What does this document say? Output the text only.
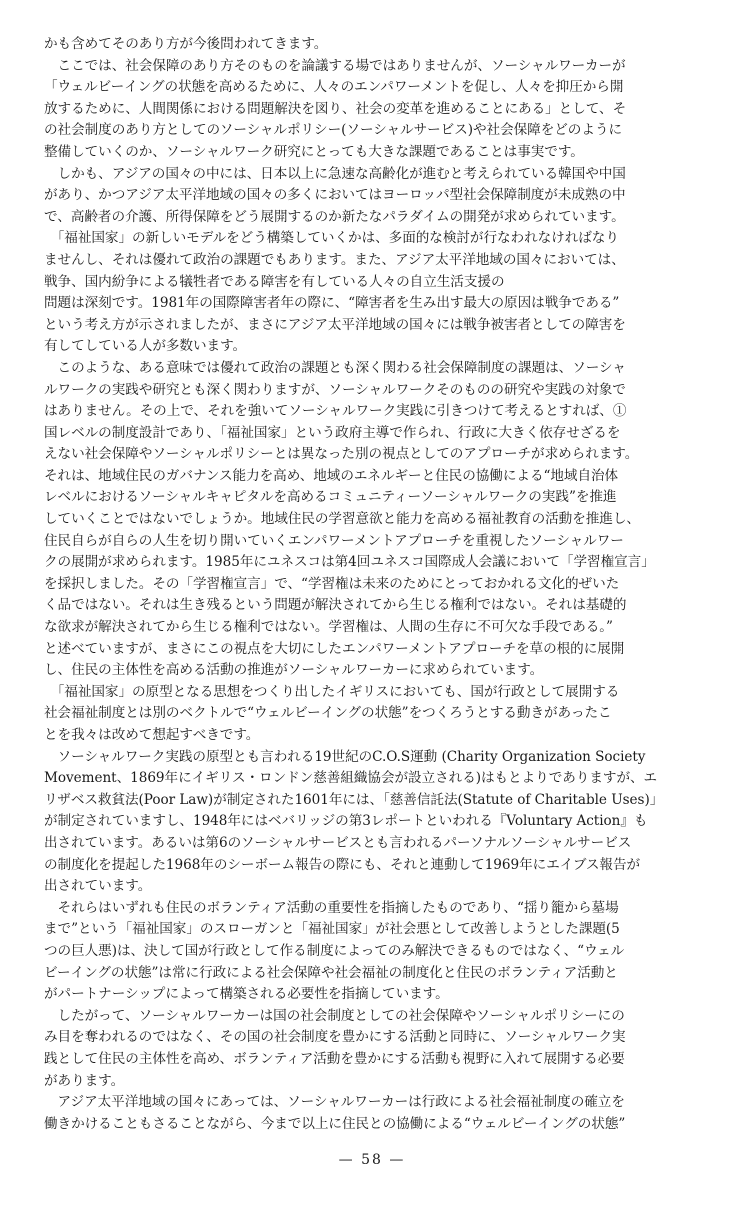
かも含めてそのあり方が今後問われてきます。
　ここでは、社会保障のあり方そのものを論議する場ではありませんが、ソーシャルワーカーが
「ウェルビーイングの状態を高めるために、人々のエンパワーメントを促し、人々を抑圧から開
放するために、人間関係における問題解決を図り、社会の変革を進めることにある」として、そ
の社会制度のあり方としてのソーシャルポリシー(ソーシャルサービス)や社会保障をどのように
整備していくのか、ソーシャルワーク研究にとっても大きな課題であることは事実です。
　しかも、アジアの国々の中には、日本以上に急速な高齢化が進むと考えられている韓国や中国
があり、かつアジア太平洋地域の国々の多くにおいてはヨーロッパ型社会保障制度が未成熟の中
で、高齢者の介護、所得保障をどう展開するのか新たなパラダイムの開発が求められています。
　「福祉国家」の新しいモデルをどう構築していくかは、多面的な検討が行なわれなければなり
ませんし、それは優れて政治の課題でもあります。また、アジア太平洋地域の国々においては、
戦争、国内紛争による犠牲者である障害を有している人々の自立生活支援の
問題は深刻です。1981年の国際障害者年の際に、“障害者を生み出す最大の原因は戦争である”
という考え方が示されましたが、まさにアジア太平洋地域の国々には戦争被害者としての障害を
有してしている人が多数います。
　このような、ある意味では優れて政治の課題とも深く関わる社会保障制度の課題は、ソーシャ
ルワークの実践や研究とも深く関わりますが、ソーシャルワークそのものの研究や実践の対象で
はありません。その上で、それを強いてソーシャルワーク実践に引きつけて考えるとすれば、①
国レベルの制度設計であり、「福祉国家」という政府主導で作られ、行政に大きく依存せざるを
えない社会保障やソーシャルポリシーとは異なった別の視点としてのアプローチが求められます。
それは、地域住民のガバナンス能力を高め、地域のエネルギーと住民の協働による“地域自治体
レベルにおけるソーシャルキャピタルを高めるコミュニティーソーシャルワークの実践”を推進
していくことではないでしょうか。地域住民の学習意欲と能力を高める福祉教育の活動を推進し、
住民自らが自らの人生を切り開いていくエンパワーメントアプローチを重視したソーシャルワー
クの展開が求められます。1985年にユネスコは第4回ユネスコ国際成人会議において「学習権宣言」
を採択しました。その「学習権宣言」で、“学習権は未来のためにとっておかれる文化的ぜいた
く品ではない。それは生き残るという問題が解決されてから生じる権利ではない。それは基礎的
な欲求が解決されてから生じる権利ではない。学習権は、人間の生存に不可欠な手段である。”
と述べていますが、まさにこの視点を大切にしたエンパワーメントアプローチを草の根的に展開
し、住民の主体性を高める活動の推進がソーシャルワーカーに求められています。
　「福祉国家」の原型となる思想をつくり出したイギリスにおいても、国が行政として展開する
社会福祉制度とは別のベクトルで“ウェルビーイングの状態”をつくろうとする動きがあったこ
とを我々は改めて想起すべきです。
　ソーシャルワーク実践の原型とも言われる19世紀のC.O.S運動 (Charity Organization Society
Movement、1869年にイギリス・ロンドン慈善組織協会が設立される)はもとよりでありますが、エ
リザベス救貧法(Poor Law)が制定された1601年には、「慈善信託法(Statute of Charitable Uses)」
が制定されていますし、1948年にはベバリッジの第3レポートといわれる『Voluntary Action』も
出されています。あるいは第6のソーシャルサービスとも言われるパーソナルソーシャルサービス
の制度化を提起した1968年のシーボーム報告の際にも、それと連動して1969年にエイブス報告が
出されています。
　それらはいずれも住民のボランティア活動の重要性を指摘したものであり、“揺り籠から墓場
まで”という「福祉国家」のスローガンと「福祉国家」が社会悪として改善しようとした課題(5
つの巨人悪)は、決して国が行政として作る制度によってのみ解決できるものではなく、“ウェル
ビーイングの状態”は常に行政による社会保障や社会福祉の制度化と住民のボランティア活動と
がパートナーシップによって構築される必要性を指摘しています。
　したがって、ソーシャルワーカーは国の社会制度としての社会保障やソーシャルポリシーにの
み目を奪われるのではなく、その国の社会制度を豊かにする活動と同時に、ソーシャルワーク実
践として住民の主体性を高め、ボランティア活動を豊かにする活動も視野に入れて展開する必要
があります。
　アジア太平洋地域の国々にあっては、ソーシャルワーカーは行政による社会福祉制度の確立を
働きかけることもさることながら、今まで以上に住民との協働による“ウェルビーイングの状態”
— 58 —
